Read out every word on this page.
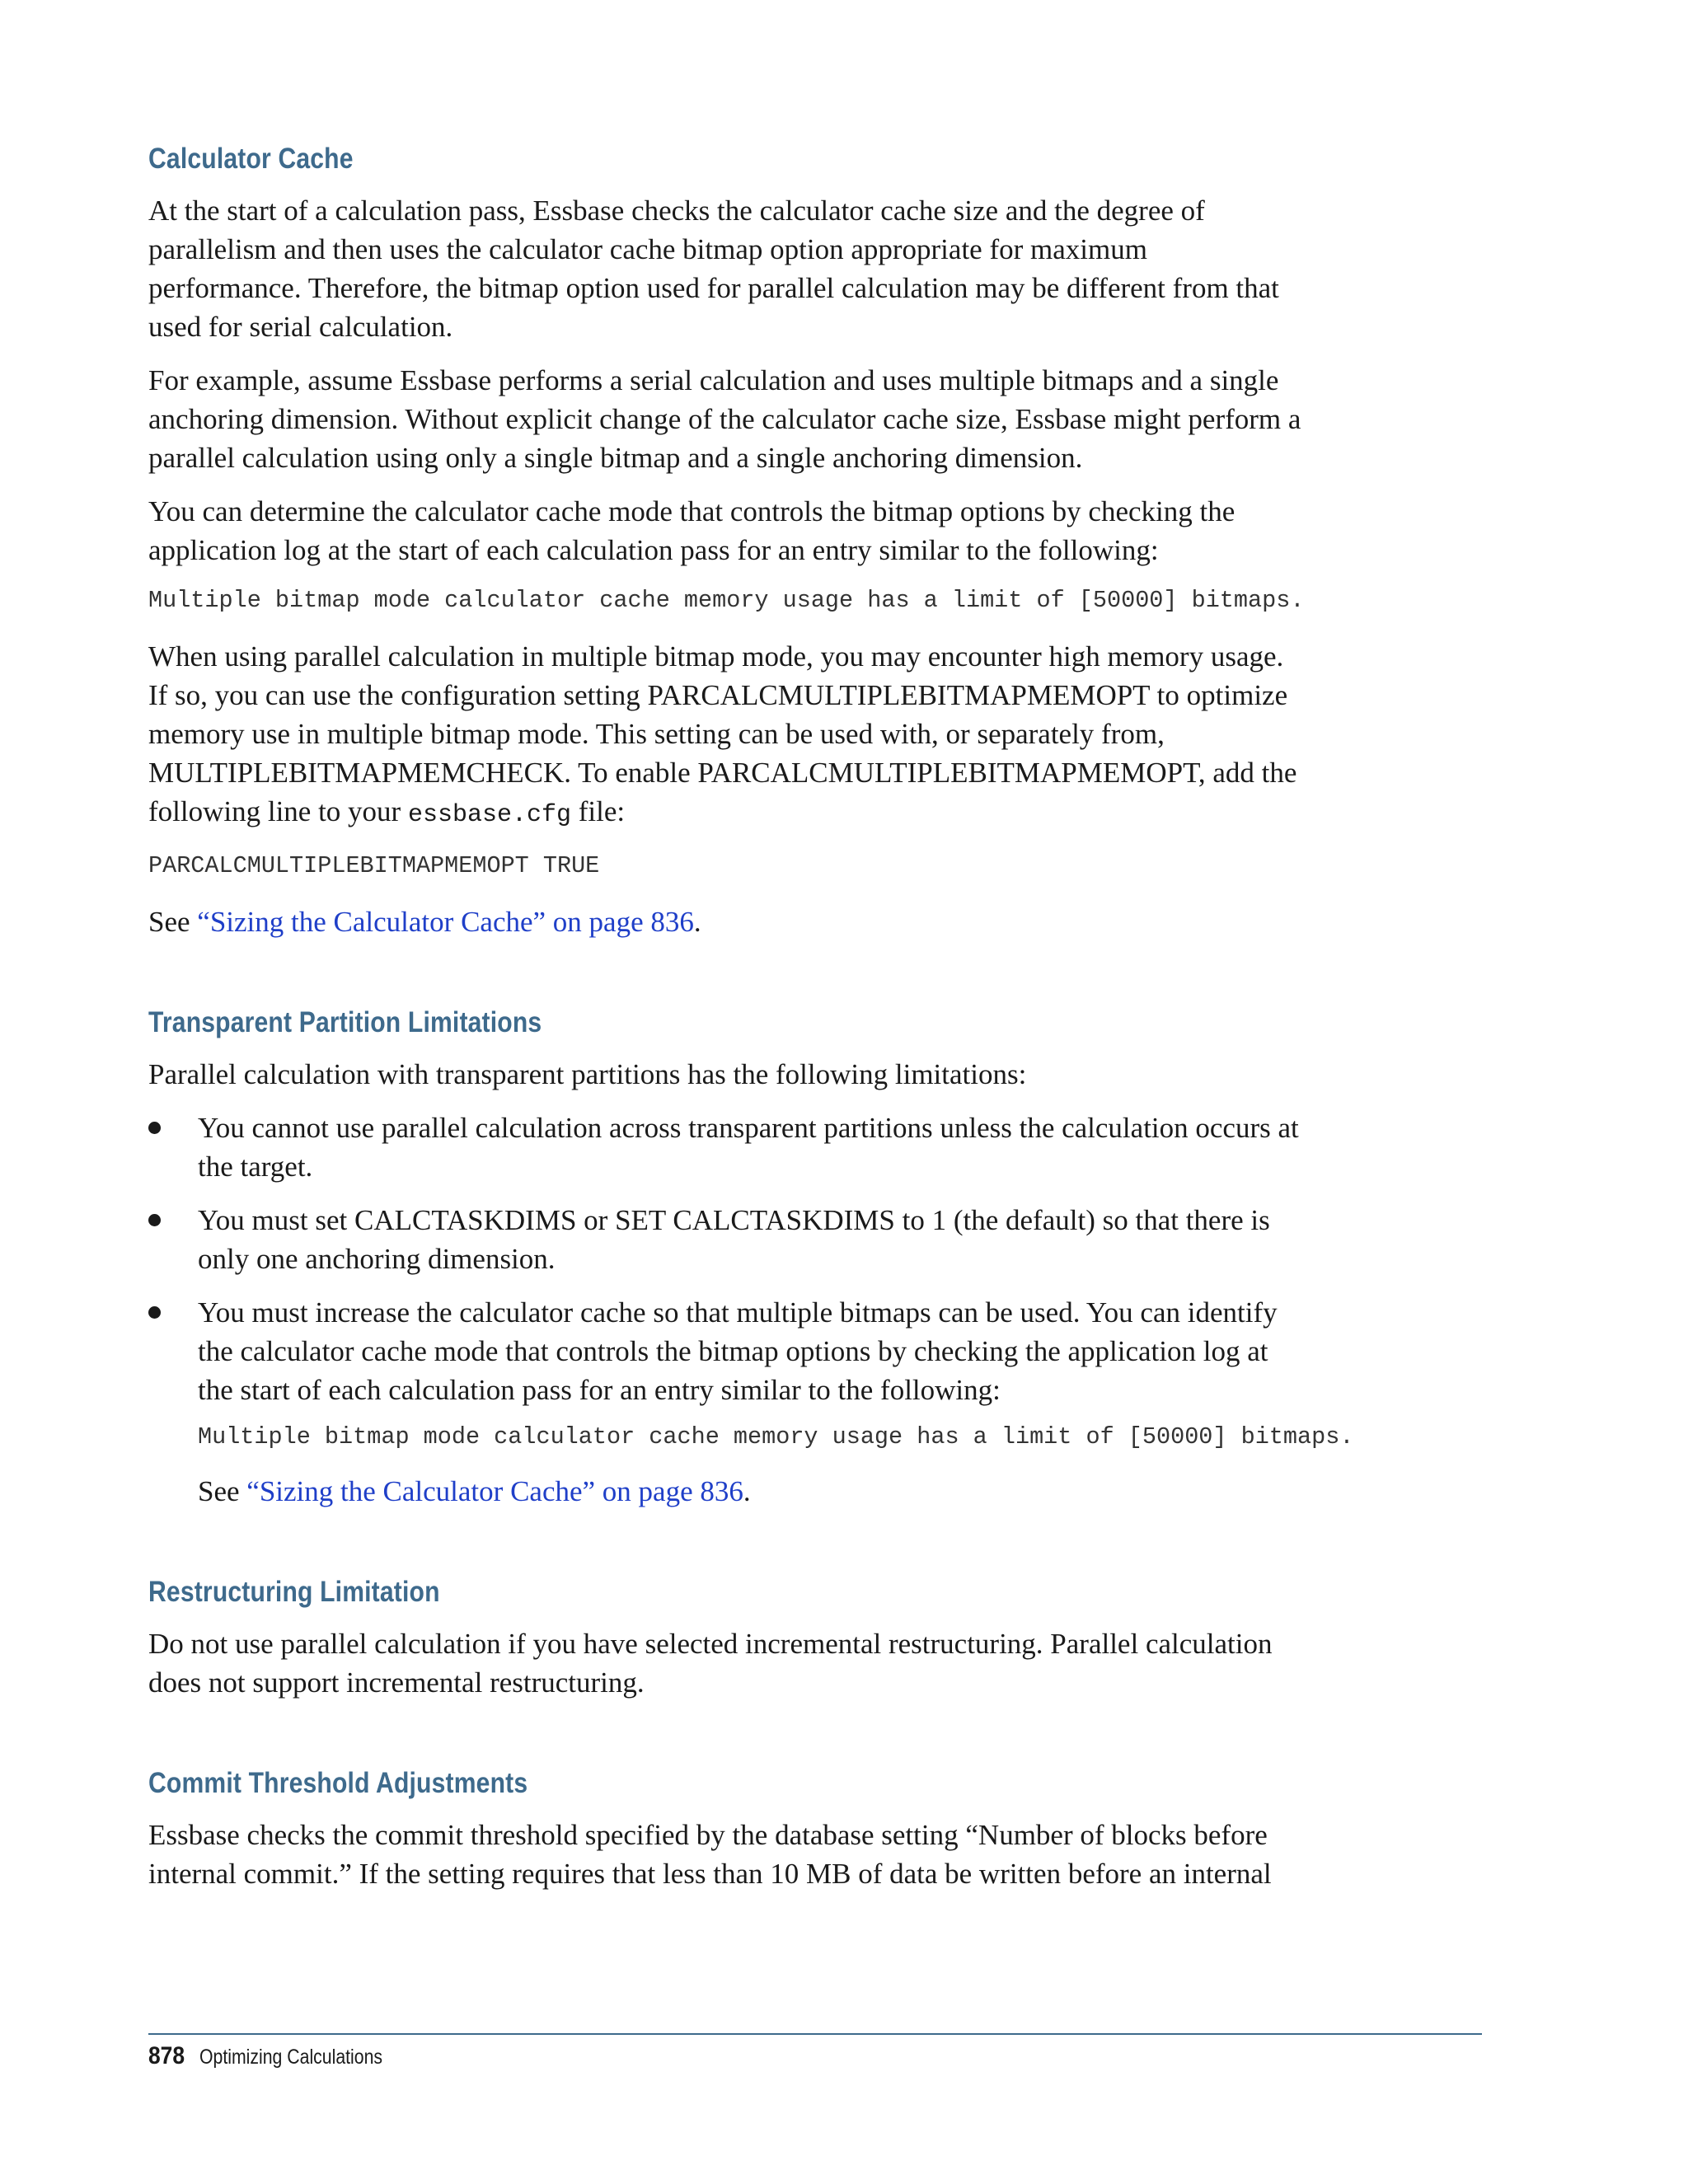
Calculator Cache

At the start of a calculation pass, Essbase checks the calculator cache size and the degree of parallelism and then uses the calculator cache bitmap option appropriate for maximum performance. Therefore, the bitmap option used for parallel calculation may be different from that used for serial calculation.

For example, assume Essbase performs a serial calculation and uses multiple bitmaps and a single anchoring dimension. Without explicit change of the calculator cache size, Essbase might perform a parallel calculation using only a single bitmap and a single anchoring dimension.

You can determine the calculator cache mode that controls the bitmap options by checking the application log at the start of each calculation pass for an entry similar to the following:

Multiple bitmap mode calculator cache memory usage has a limit of [50000] bitmaps.

When using parallel calculation in multiple bitmap mode, you may encounter high memory usage. If so, you can use the configuration setting PARCALCMULTIPLEBITMAPMEMOPT to optimize memory use in multiple bitmap mode. This setting can be used with, or separately from, MULTIPLEBITMAPMEMCHECK. To enable PARCALCMULTIPLEBITMAPMEMOPT, add the following line to your essbase.cfg file:

PARCALCMULTIPLEBITMAPMEMOPT TRUE

See “Sizing the Calculator Cache” on page 836.

Transparent Partition Limitations

Parallel calculation with transparent partitions has the following limitations:

You cannot use parallel calculation across transparent partitions unless the calculation occurs at the target.

You must set CALCTASKDIMS or SET CALCTASKDIMS to 1 (the default) so that there is only one anchoring dimension.

You must increase the calculator cache so that multiple bitmaps can be used. You can identify the calculator cache mode that controls the bitmap options by checking the application log at the start of each calculation pass for an entry similar to the following:

Multiple bitmap mode calculator cache memory usage has a limit of [50000] bitmaps.

See “Sizing the Calculator Cache” on page 836.

Restructuring Limitation

Do not use parallel calculation if you have selected incremental restructuring. Parallel calculation does not support incremental restructuring.

Commit Threshold Adjustments

Essbase checks the commit threshold specified by the database setting “Number of blocks before internal commit.” If the setting requires that less than 10 MB of data be written before an internal

878 Optimizing Calculations
